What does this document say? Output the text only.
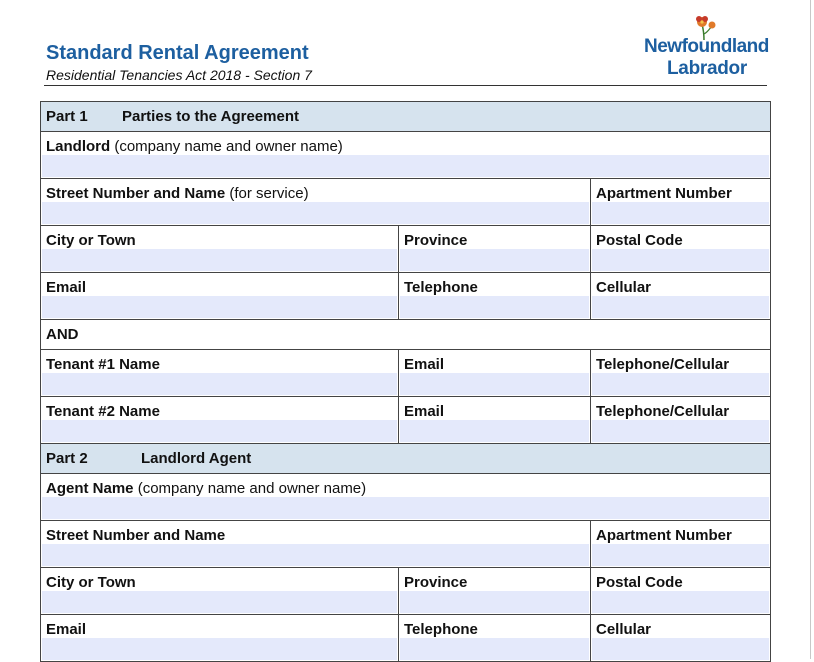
Standard Rental Agreement
Residential Tenancies Act 2018 - Section 7
Newfoundland
Labrador
Part 1 Parties to the Agreement
Landlord (company name and owner name)
Street Number and Name (for service)	Apartment Number
City or Town	Province	Postal Code
Email	Telephone	Cellular
AND
Tenant #1 Name	Email	Telephone/Cellular
Tenant #2 Name	Email	Telephone/Cellular
Part 2	Landlord Agent
Agent Name (company name and owner name)
Street Number and Name	Apartment Number
City or Town	Province	Postal Code
Email	Telephone	Cellular
